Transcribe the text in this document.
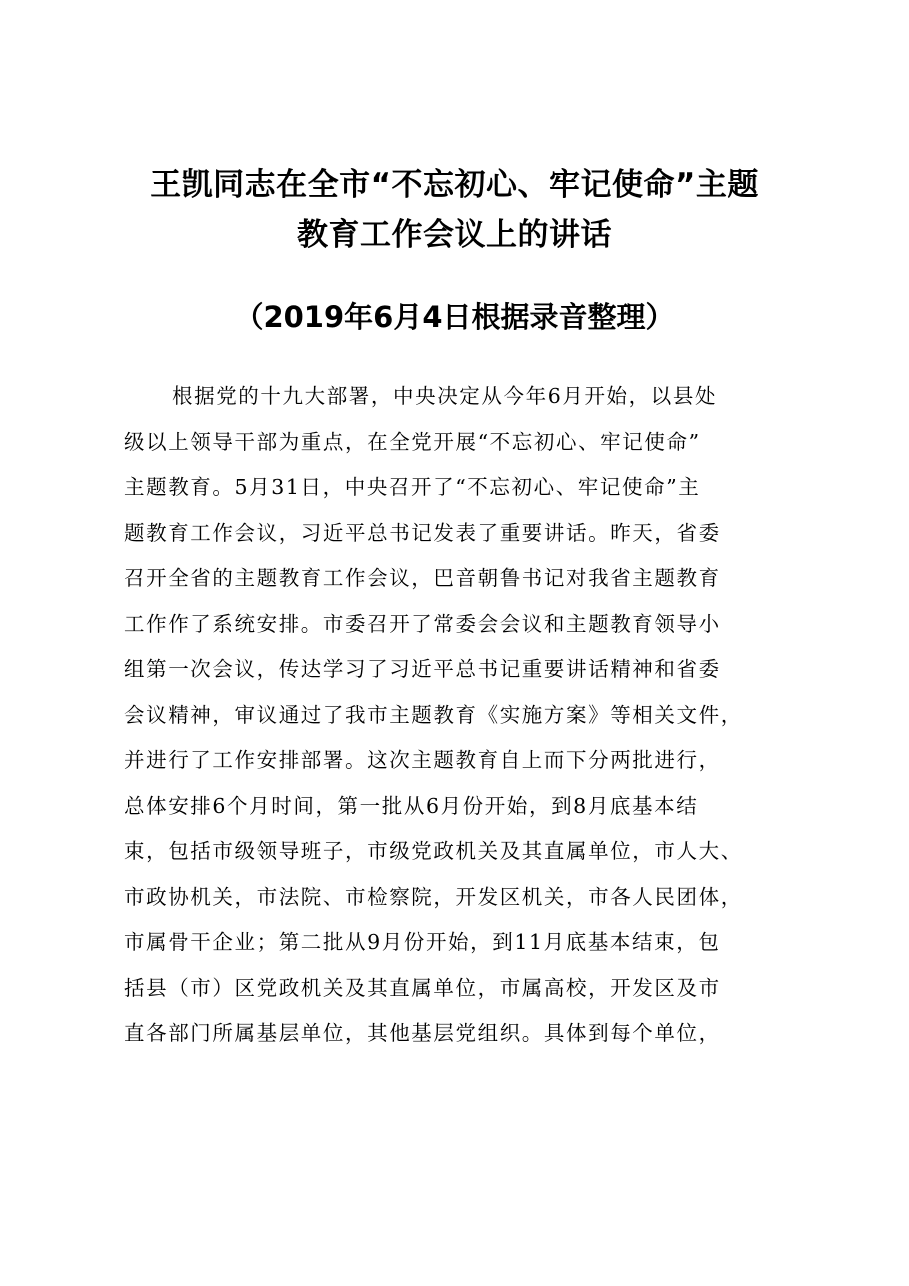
王凯同志在全市“不忘初心、牢记使命”主题
教育工作会议上的讲话
（2019年6月4日根据录音整理）
根据党的十九大部署，中央决定从今年6月开始，以县处
级以上领导干部为重点，在全党开展“不忘初心、牢记使命”
主题教育。5月31日，中央召开了“不忘初心、牢记使命”主
题教育工作会议，习近平总书记发表了重要讲话。昨天，省委
召开全省的主题教育工作会议，巴音朝鲁书记对我省主题教育
工作作了系统安排。市委召开了常委会会议和主题教育领导小
组第一次会议，传达学习了习近平总书记重要讲话精神和省委
会议精神，审议通过了我市主题教育《实施方案》等相关文件，
并进行了工作安排部署。这次主题教育自上而下分两批进行，
总体安排6个月时间，第一批从6月份开始，到8月底基本结
束，包括市级领导班子，市级党政机关及其直属单位，市人大、
市政协机关，市法院、市检察院，开发区机关，市各人民团体，
市属骨干企业；第二批从9月份开始，到11月底基本结束，包
括县（市）区党政机关及其直属单位，市属高校，开发区及市
直各部门所属基层单位，其他基层党组织。具体到每个单位，
